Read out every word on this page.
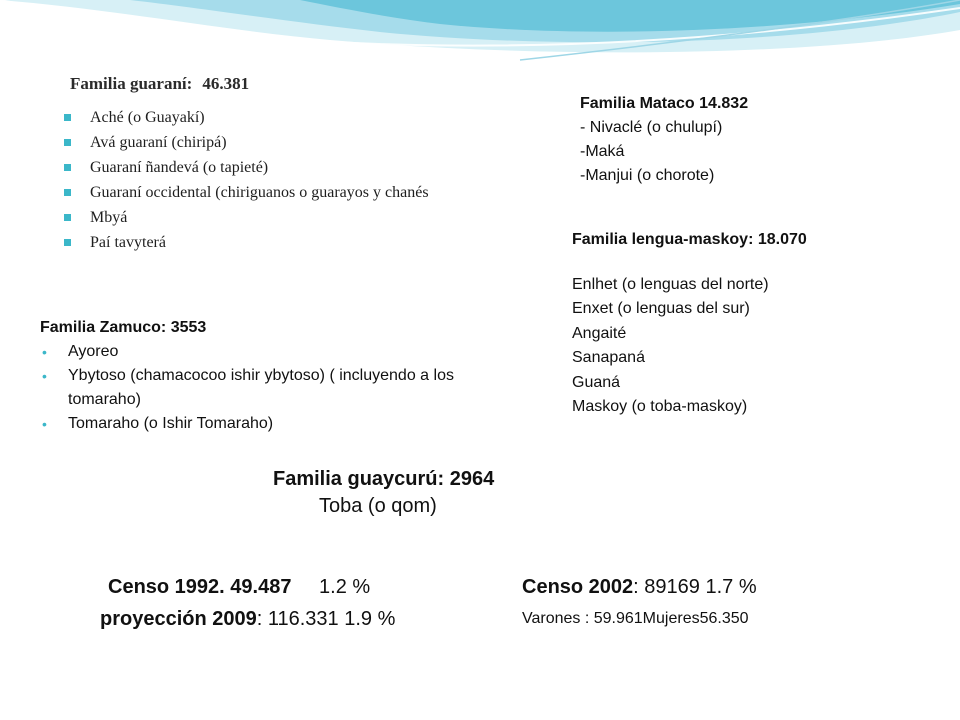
Familia guaraní: 46.381
Aché (o Guayakí)
Avá guaraní (chiripá)
Guaraní ñandevá (o tapieté)
Guaraní occidental (chiriguanos o guarayos y chanés
Mbyá
Paí tavyterá
Familia Mataco 14.832
- Nivaclé (o chulupí)
-Maká
-Manjui (o chorote)
Familia lengua-maskoy: 18.070
Enlhet (o lenguas del norte)
Enxet (o lenguas del sur)
Angaité
Sanapaná
Guaná
Maskoy (o toba-maskoy)
Familia Zamuco: 3553
• Ayoreo
• Ybytoso (chamacocoo ishir ybytoso) ( incluyendo a los tomaraho)
• Tomaraho (o Ishir Tomaraho)
Familia guaycurú: 2964
Toba (o qom)
Censo 1992. 49.487 1.2 %
proyección 2009: 116.331 1.9 %
Censo 2002: 89169 1.7 %
Varones : 59.961Mujeres56.350
